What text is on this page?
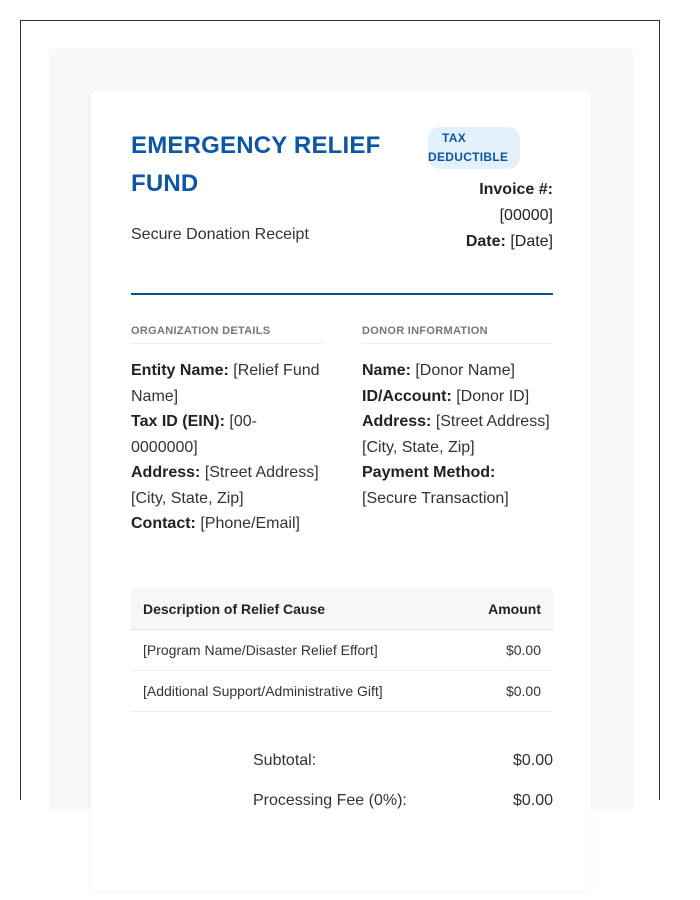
EMERGENCY RELIEF FUND
Secure Donation Receipt
TAX
DEDUCTIBLE
Invoice #:
[00000]
Date: [Date]
ORGANIZATION DETAILS
Entity Name: [Relief Fund Name]
Tax ID (EIN): [00-0000000]
Address: [Street Address] [City, State, Zip]
Contact: [Phone/Email]
DONOR INFORMATION
Name: [Donor Name]
ID/Account: [Donor ID]
Address: [Street Address] [City, State, Zip]
Payment Method: [Secure Transaction]
Description of Relief Cause	Amount
[Program Name/Disaster Relief Effort]	$0.00
[Additional Support/Administrative Gift]	$0.00
Subtotal:	$0.00
Processing Fee (0%):	$0.00
